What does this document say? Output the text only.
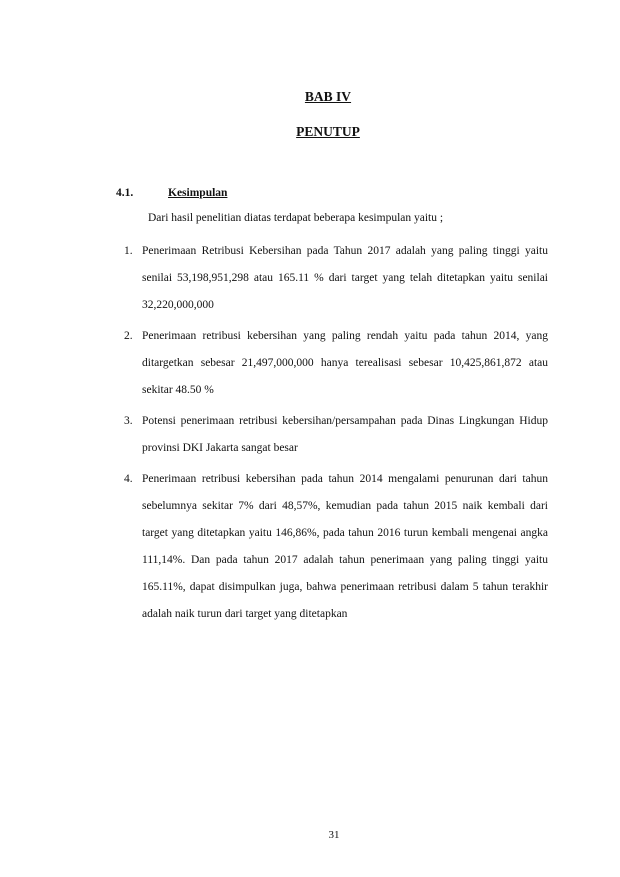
BAB IV
PENUTUP
4.1.	Kesimpulan
Dari hasil penelitian diatas terdapat beberapa kesimpulan yaitu ;
1. Penerimaan Retribusi Kebersihan pada Tahun 2017 adalah yang paling tinggi yaitu senilai 53,198,951,298 atau 165.11 % dari target yang telah ditetapkan yaitu senilai 32,220,000,000
2. Penerimaan retribusi kebersihan yang paling rendah yaitu pada tahun 2014, yang ditargetkan sebesar 21,497,000,000 hanya terealisasi sebesar 10,425,861,872 atau sekitar 48.50 %
3. Potensi penerimaan retribusi kebersihan/persampahan pada Dinas Lingkungan Hidup provinsi DKI Jakarta sangat besar
4. Penerimaan retribusi kebersihan pada tahun 2014 mengalami penurunan dari tahun sebelumnya sekitar 7% dari 48,57%, kemudian pada tahun 2015 naik kembali dari target yang ditetapkan yaitu 146,86%, pada tahun 2016 turun kembali mengenai angka 111,14%. Dan pada tahun 2017 adalah tahun penerimaan yang paling tinggi yaitu 165.11%, dapat disimpulkan juga, bahwa penerimaan retribusi dalam 5 tahun terakhir adalah naik turun dari target yang ditetapkan
31
